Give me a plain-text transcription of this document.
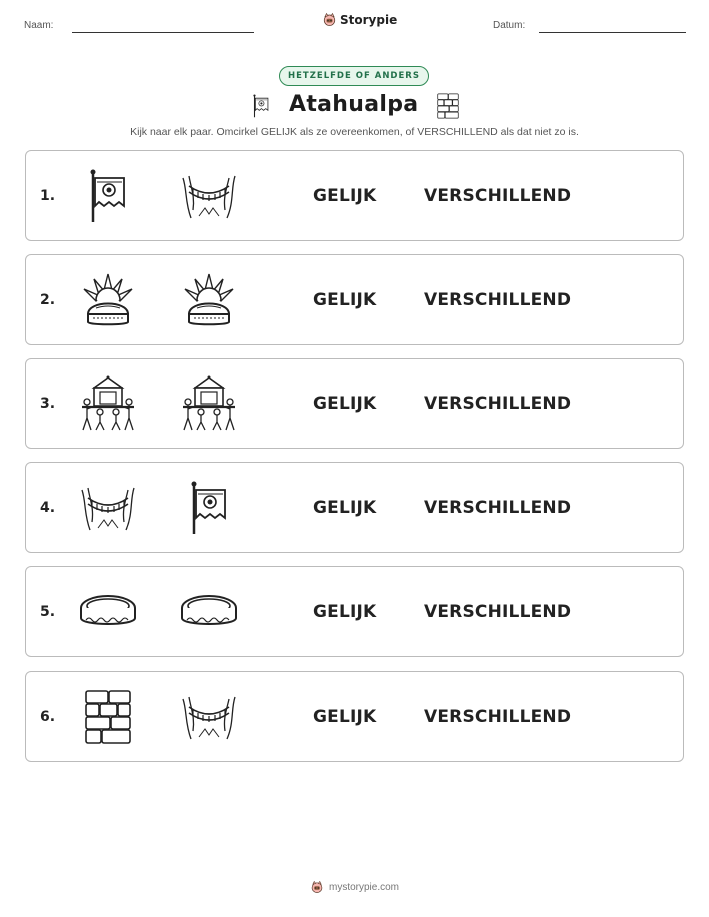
Naam:	Storypie	Datum:
HETZELFDE OF ANDERS
Atahualpa
Kijk naar elk paar. Omcirkel GELIJK als ze overeenkomen, of VERSCHILLEND als dat niet zo is.
1.	GELIJK	VERSCHILLEND
2.	GELIJK	VERSCHILLEND
3.	GELIJK	VERSCHILLEND
4.	GELIJK	VERSCHILLEND
5.	GELIJK	VERSCHILLEND
6.	GELIJK	VERSCHILLEND
mystorypie.com
